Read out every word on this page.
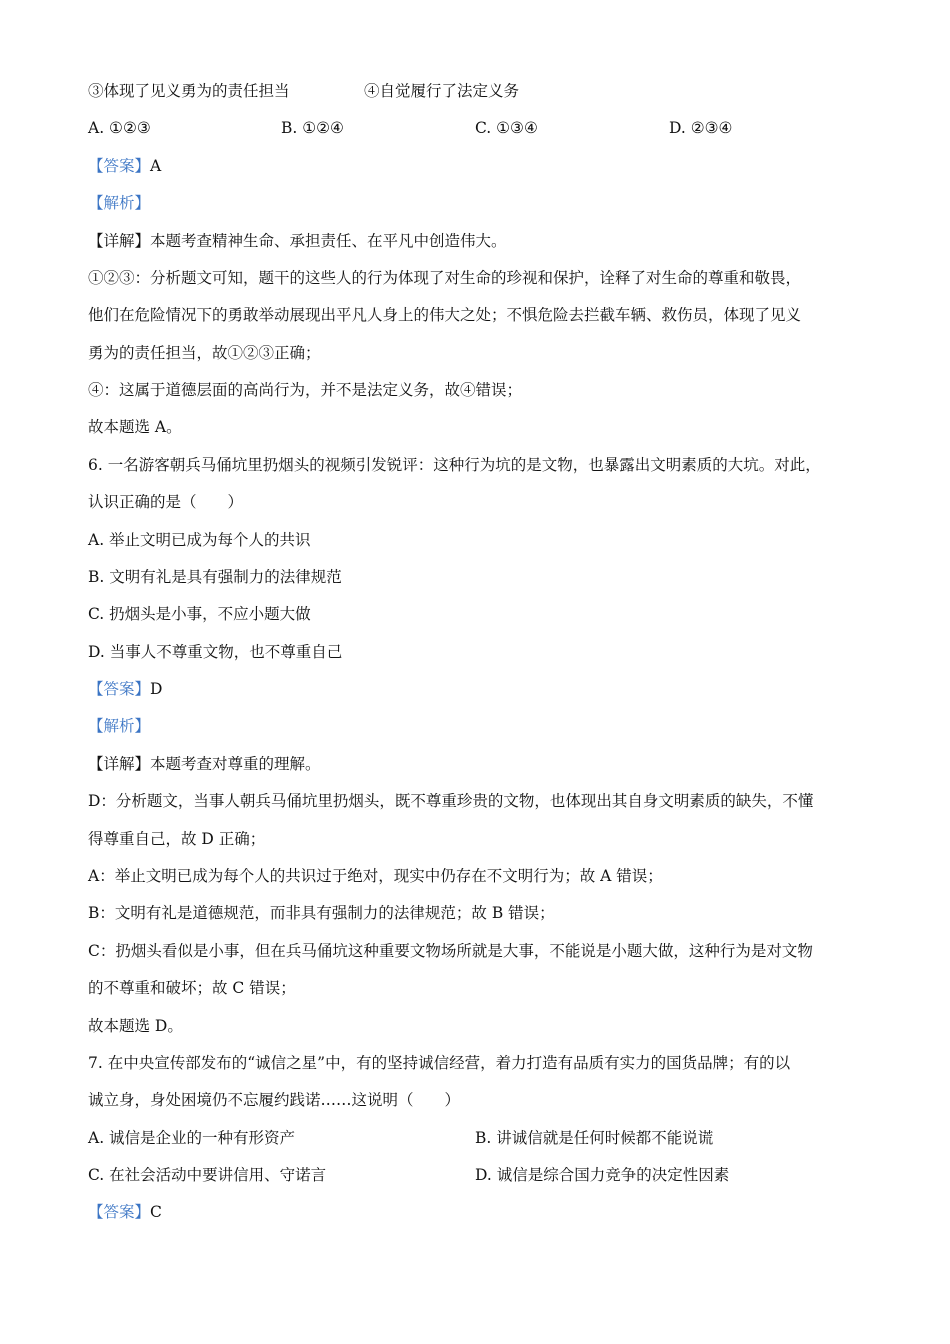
③体现了见义勇为的责任担当	④自觉履行了法定义务
A. ①②③	B. ①②④	C. ①③④	D. ②③④
【答案】A
【解析】
【详解】本题考查精神生命、承担责任、在平凡中创造伟大。
①②③：分析题文可知，题干的这些人的行为体现了对生命的珍视和保护，诠释了对生命的尊重和敬畏，
他们在危险情况下的勇敢举动展现出平凡人身上的伟大之处；不惧危险去拦截车辆、救伤员，体现了见义
勇为的责任担当，故①②③正确；
④：这属于道德层面的高尚行为，并不是法定义务，故④错误；
故本题选 A。
6. 一名游客朝兵马俑坑里扔烟头的视频引发锐评：这种行为坑的是文物，也暴露出文明素质的大坑。对此，
认识正确的是（　　）
A. 举止文明已成为每个人的共识
B. 文明有礼是具有强制力的法律规范
C. 扔烟头是小事，不应小题大做
D. 当事人不尊重文物，也不尊重自己
【答案】D
【解析】
【详解】本题考查对尊重的理解。
D：分析题文，当事人朝兵马俑坑里扔烟头，既不尊重珍贵的文物，也体现出其自身文明素质的缺失，不懂
得尊重自己，故 D 正确；
A：举止文明已成为每个人的共识过于绝对，现实中仍存在不文明行为；故 A 错误；
B：文明有礼是道德规范，而非具有强制力的法律规范；故 B 错误；
C：扔烟头看似是小事，但在兵马俑坑这种重要文物场所就是大事，不能说是小题大做，这种行为是对文物
的不尊重和破坏；故 C 错误；
故本题选 D。
7. 在中央宣传部发布的“诚信之星”中，有的坚持诚信经营，着力打造有品质有实力的国货品牌；有的以
诚立身，身处困境仍不忘履约践诺……这说明（　　）
A. 诚信是企业的一种有形资产	B. 讲诚信就是任何时候都不能说谎
C. 在社会活动中要讲信用、守诺言	D. 诚信是综合国力竞争的决定性因素
【答案】C
